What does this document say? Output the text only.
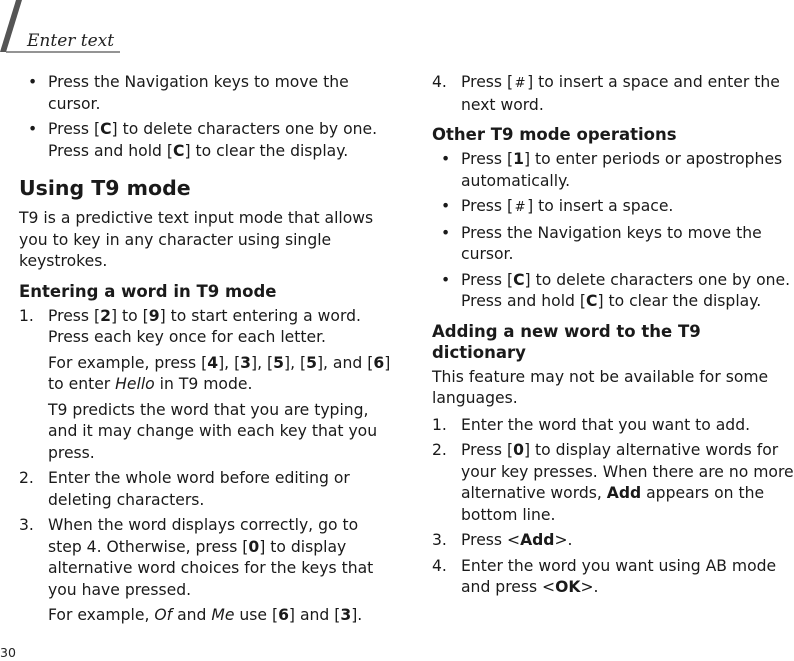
Enter text
• Press the Navigation keys to move the cursor.
• Press [C] to delete characters one by one. Press and hold [C] to clear the display.
Using T9 mode

T9 is a predictive text input mode that allows you to key in any character using single keystrokes.

Entering a word in T9 mode
1. Press [2] to [9] to start entering a word. Press each key once for each letter.

For example, press [4], [3], [5], [5], and [6] to enter Hello in T9 mode.

T9 predicts the word that you are typing, and it may change with each key that you press.

2. Enter the whole word before editing or deleting characters.
3. When the word displays correctly, go to step 4. Otherwise, press [0] to display alternative word choices for the keys that you have pressed.

For example, Of and Me use [6] and [3].

4. Press [ #] to insert a space and enter the next word.
Other T9 mode operations
• Press [1] to enter periods or apostrophes automatically.
• Press [ #] to insert a space.
• Press the Navigation keys to move the cursor.
• Press [C] to delete characters one by one. Press and hold [C] to clear the display.
Adding a new word to the T9 dictionary

This feature may not be available for some languages.

1. Enter the word that you want to add.
2. Press [0] to display alternative words for your key presses. When there are no more alternative words, Add appears on the bottom line.
3. Press <Add>.
4. Enter the word you want using AB mode and press <OK>.
30
